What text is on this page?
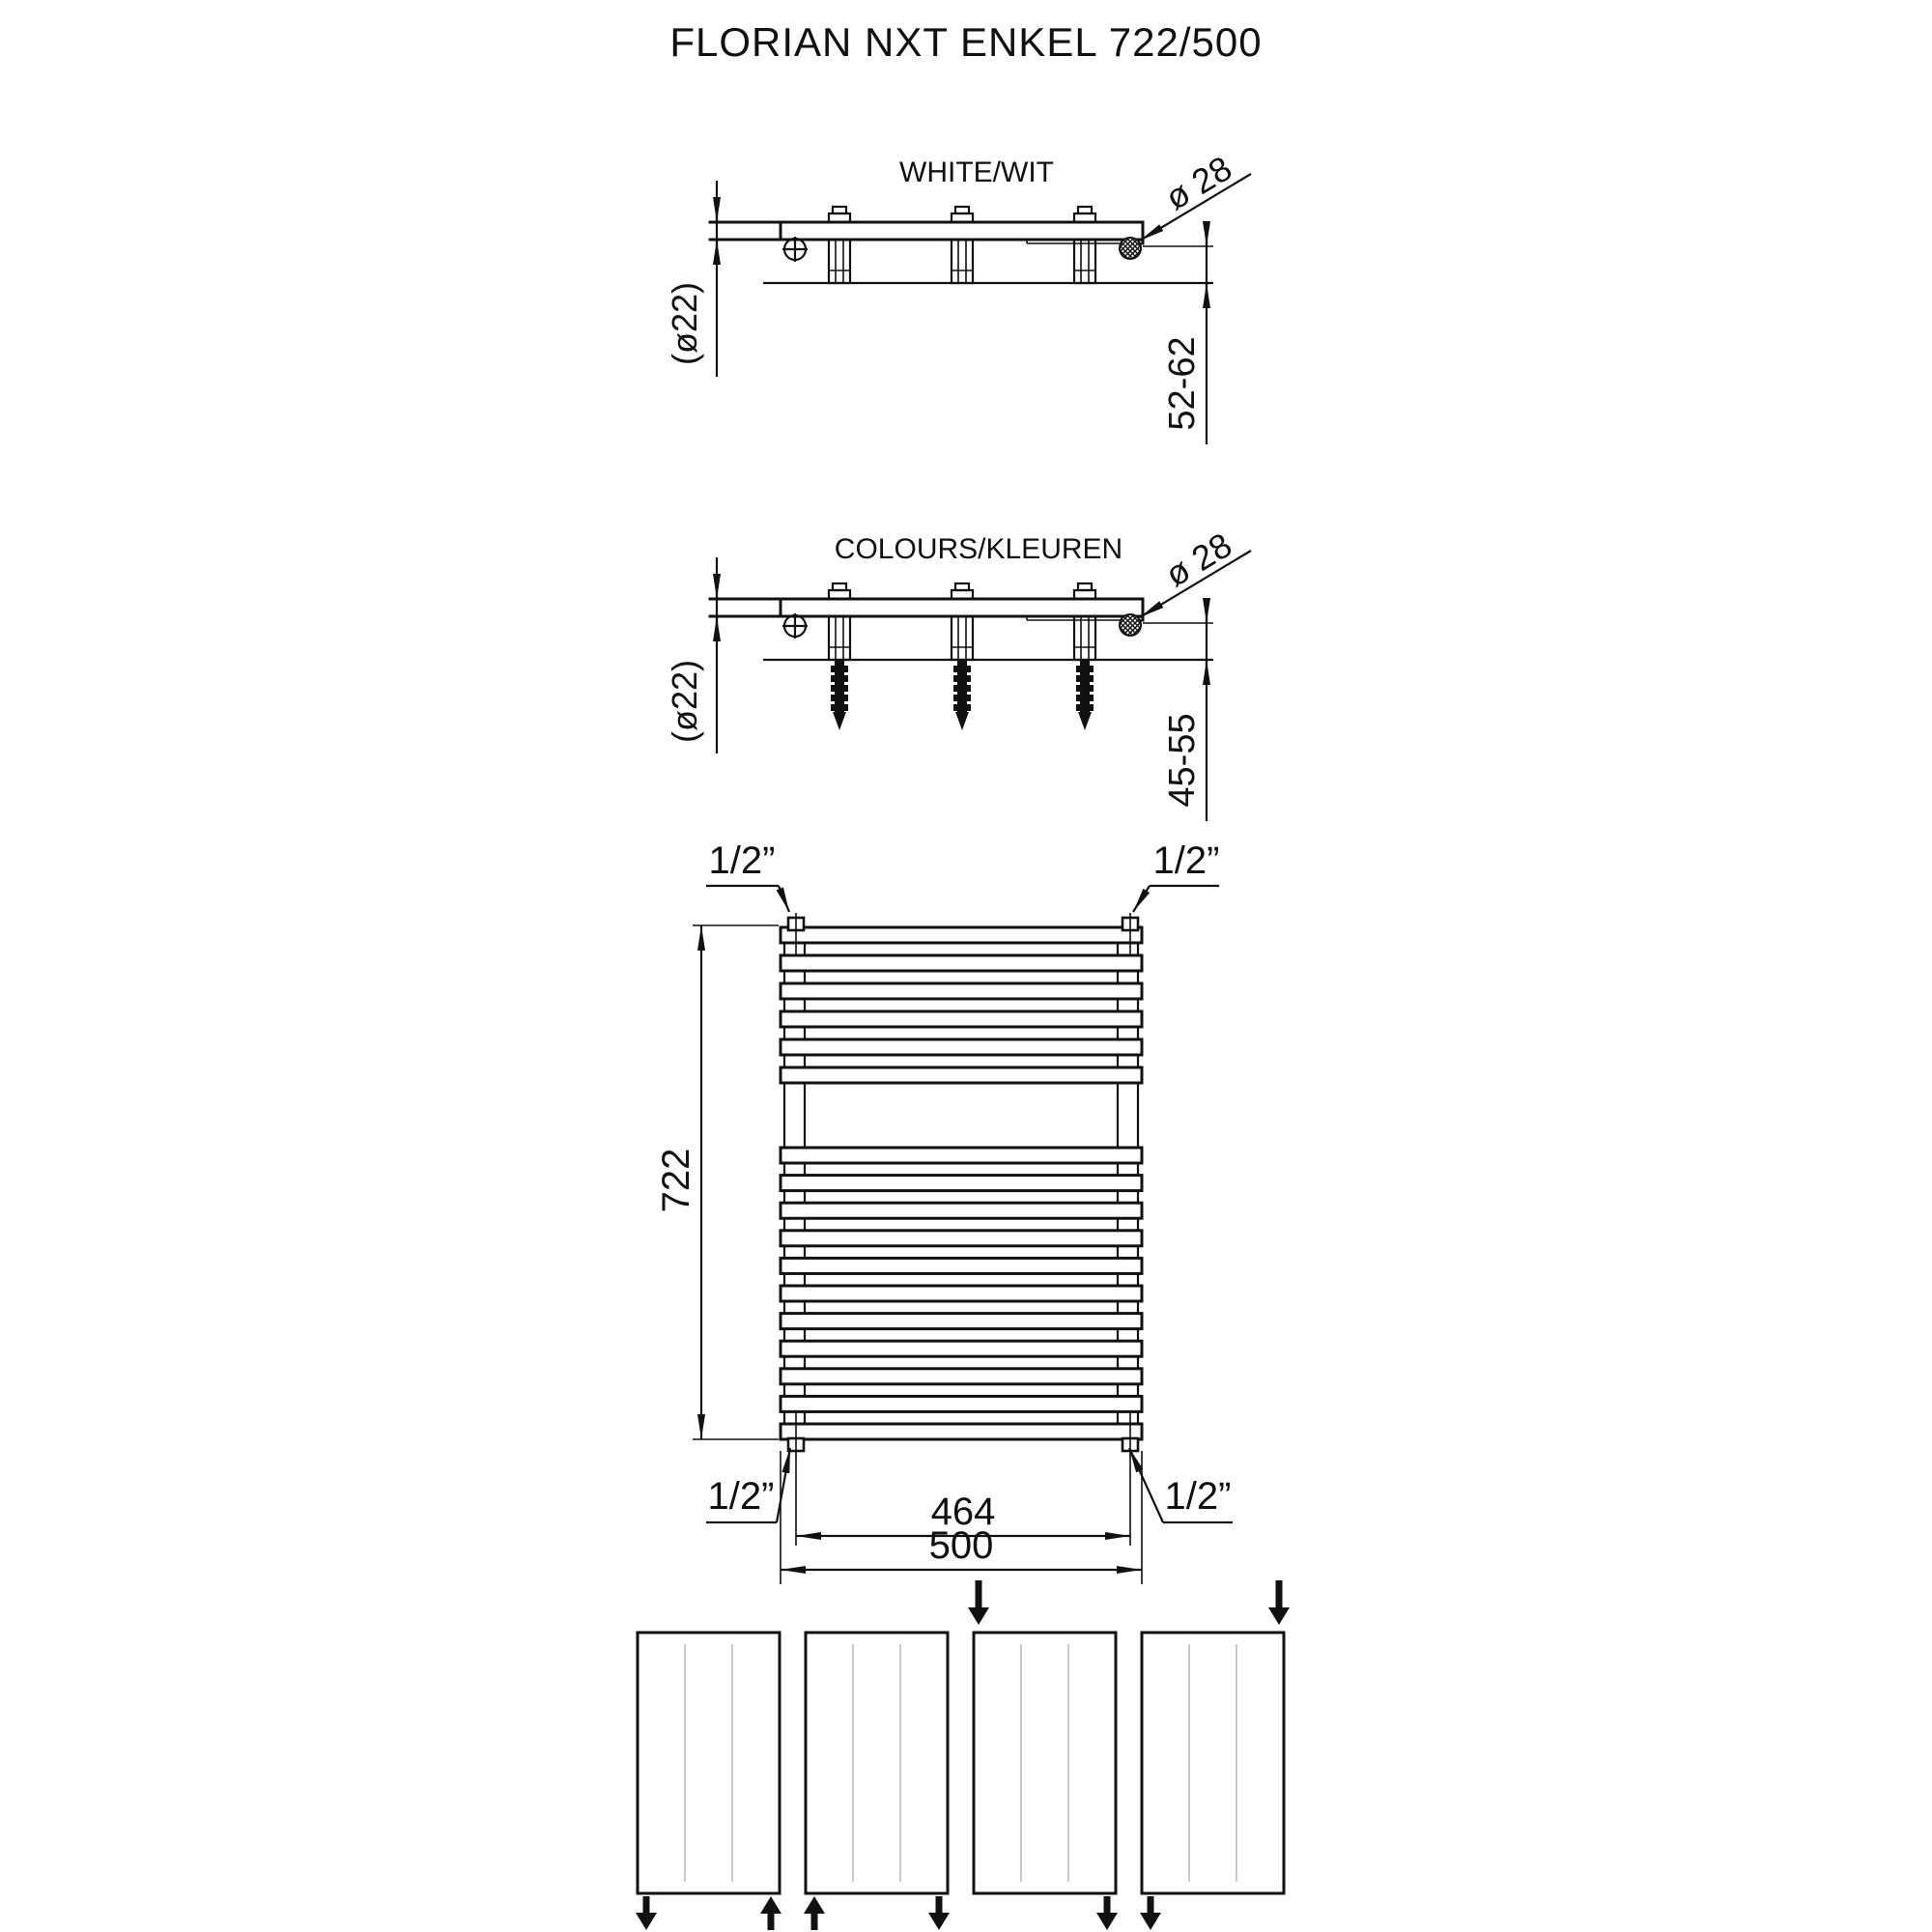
FLORIAN NXT ENKEL 722/500
WHITE/WIT	ø 28
(ø22)
52-62
COLOURS/KLEUREN ø 28
(ø22)
45-55
722
1/2”	1/2”
1/2”	1/2”
464
500
